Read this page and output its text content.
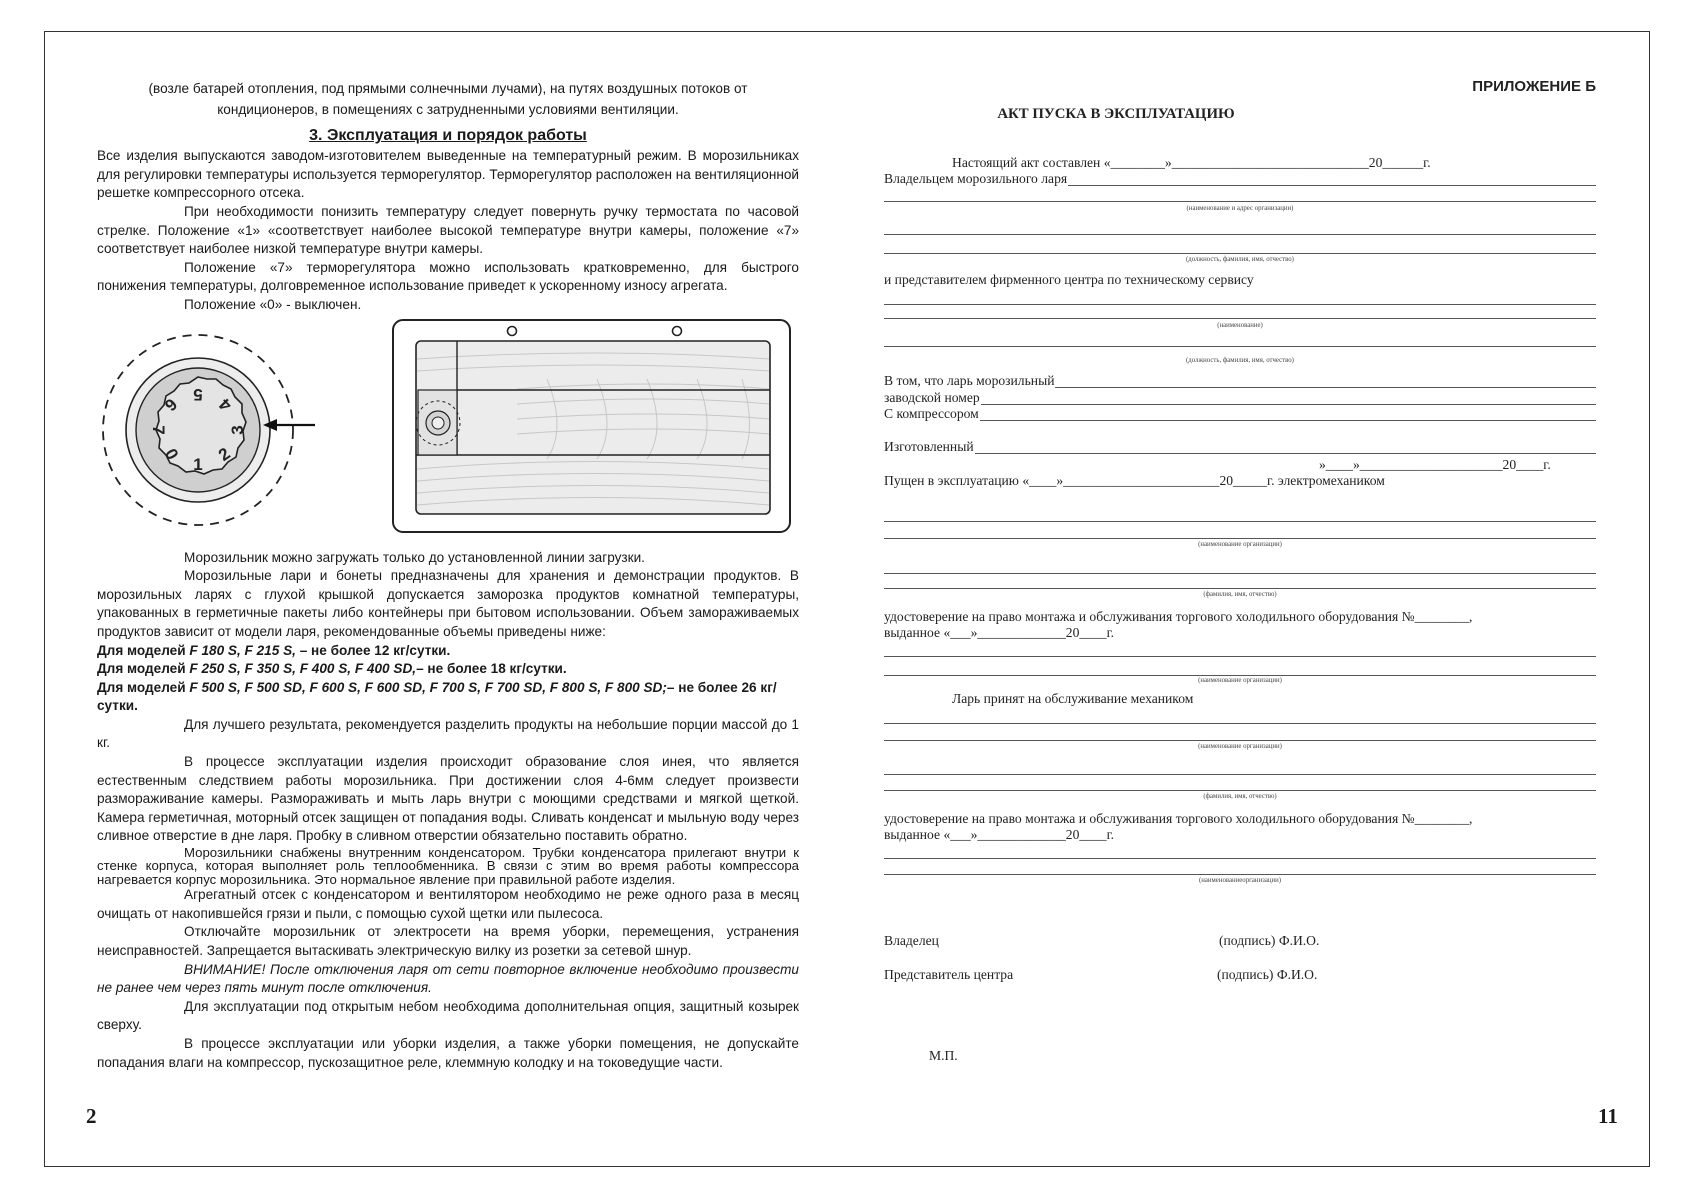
(возле батарей отопления, под прямыми солнечными лучами), на путях воздушных потоков от

кондиционеров, в помещениях с затрудненными условиями вентиляции.

3. Эксплуатация и порядок работы

Все изделия выпускаются заводом-изготовителем выведенные на температурный режим. В морозильниках для регулировки температуры используется терморегулятор. Терморегулятор расположен на вентиляционной решетке компрессорного отсека.

При необходимости понизить температуру следует повернуть ручку термостата по часовой стрелке. Положение «1» «соответствует наиболее высокой температуре внутри камеры, положение «7» соответствует наиболее низкой температуре внутри камеры.

Положение «7» терморегулятора можно использовать кратковременно, для быстрого понижения температуры, долговременное использование приведет к ускоренному износу агрегата.

Положение «0» - выключен.

1
0 2
3
4
5
6
7

Морозильник можно загружать только до установленной линии загрузки.

Морозильные лари и бонеты предназначены для хранения и демонстрации продуктов. В морозильных ларях с глухой крышкой допускается заморозка продуктов комнатной температуры, упакованных в герметичные пакеты либо контейнеры при бытовом использовании. Объем замораживаемых продуктов зависит от модели ларя, рекомендованные объемы приведены ниже:

Для моделей F 180 S, F 215 S, – не более 12 кг/сутки.

Для моделей F 250 S, F 350 S, F 400 S, F 400 SD,– не более 18 кг/сутки.

Для моделей F 500 S, F 500 SD, F 600 S, F 600 SD, F 700 S, F 700 SD, F 800 S, F 800 SD;– не более 26 кг/сутки.

Для лучшего результата, рекомендуется разделить продукты на небольшие порции массой до 1 кг.

В процессе эксплуатации изделия происходит образование слоя инея, что является естественным следствием работы морозильника. При достижении слоя 4-6мм следует произвести размораживание камеры. Размораживать и мыть ларь внутри с моющими средствами и мягкой щеткой. Камера герметичная, моторный отсек защищен от попадания воды. Сливать конденсат и мыльную воду через сливное отверстие в дне ларя. Пробку в сливном отверстии обязательно поставить обратно.

Морозильники снабжены внутренним конденсатором. Трубки конденсатора прилегают внутри к стенке корпуса, которая выполняет роль теплообменника. В связи с этим во время работы компрессора нагревается корпус морозильника. Это нормальное явление при правильной работе изделия.

Агрегатный отсек с конденсатором и вентилятором необходимо не реже одного раза в месяц очищать от накопившейся грязи и пыли, с помощью сухой щетки или пылесоса.

Отключайте морозильник от электросети на время уборки, перемещения, устранения неисправностей. Запрещается вытаскивать электрическую вилку из розетки за сетевой шнур.

ВНИМАНИЕ! После отключения ларя от сети повторное включение необходимо произвести не ранее чем через пять минут после отключения.

Для эксплуатации под открытым небом необходима дополнительная опция, защитный козырек сверху.

В процессе эксплуатации или уборки изделия, а также уборки помещения, не допускайте попадания влаги на компрессор, пускозащитное реле, клеммную колодку и на токоведущие части.

2
ПРИЛОЖЕНИЕ Б
АКТ ПУСКА В ЭКСПЛУАТАЦИЮ
Настоящий акт составлен «________»_____________________________20______г.
Владельцем морозильного ларя
(наименование и адрес организации)
(должность, фамилия, имя, отчество)
и представителем фирменного центра по техническому сервису
(наименование)
(должность, фамилия, имя, отчество)
В том, что ларь морозильный
заводской номер
С компрессором
Изготовленный
»____»_____________________20____г.
Пущен в эксплуатацию «____»_______________________20_____г. электромехаником
(наименование организации)
(фамилия, имя, отчество)
удостоверение на право монтажа и обслуживания торгового холодильного оборудования №________,
выданное «___»_____________20____г.
(наименование организации)
Ларь принят на обслуживание механиком
(наименование организации)
(фамилия, имя, отчество)
удостоверение на право монтажа и обслуживания торгового холодильного оборудования №________,
выданное «___»_____________20____г.
(наименованиеорганизации)
Владелец	(подпись) Ф.И.О.
Представитель центра	(подпись) Ф.И.О.
М.П.
11
